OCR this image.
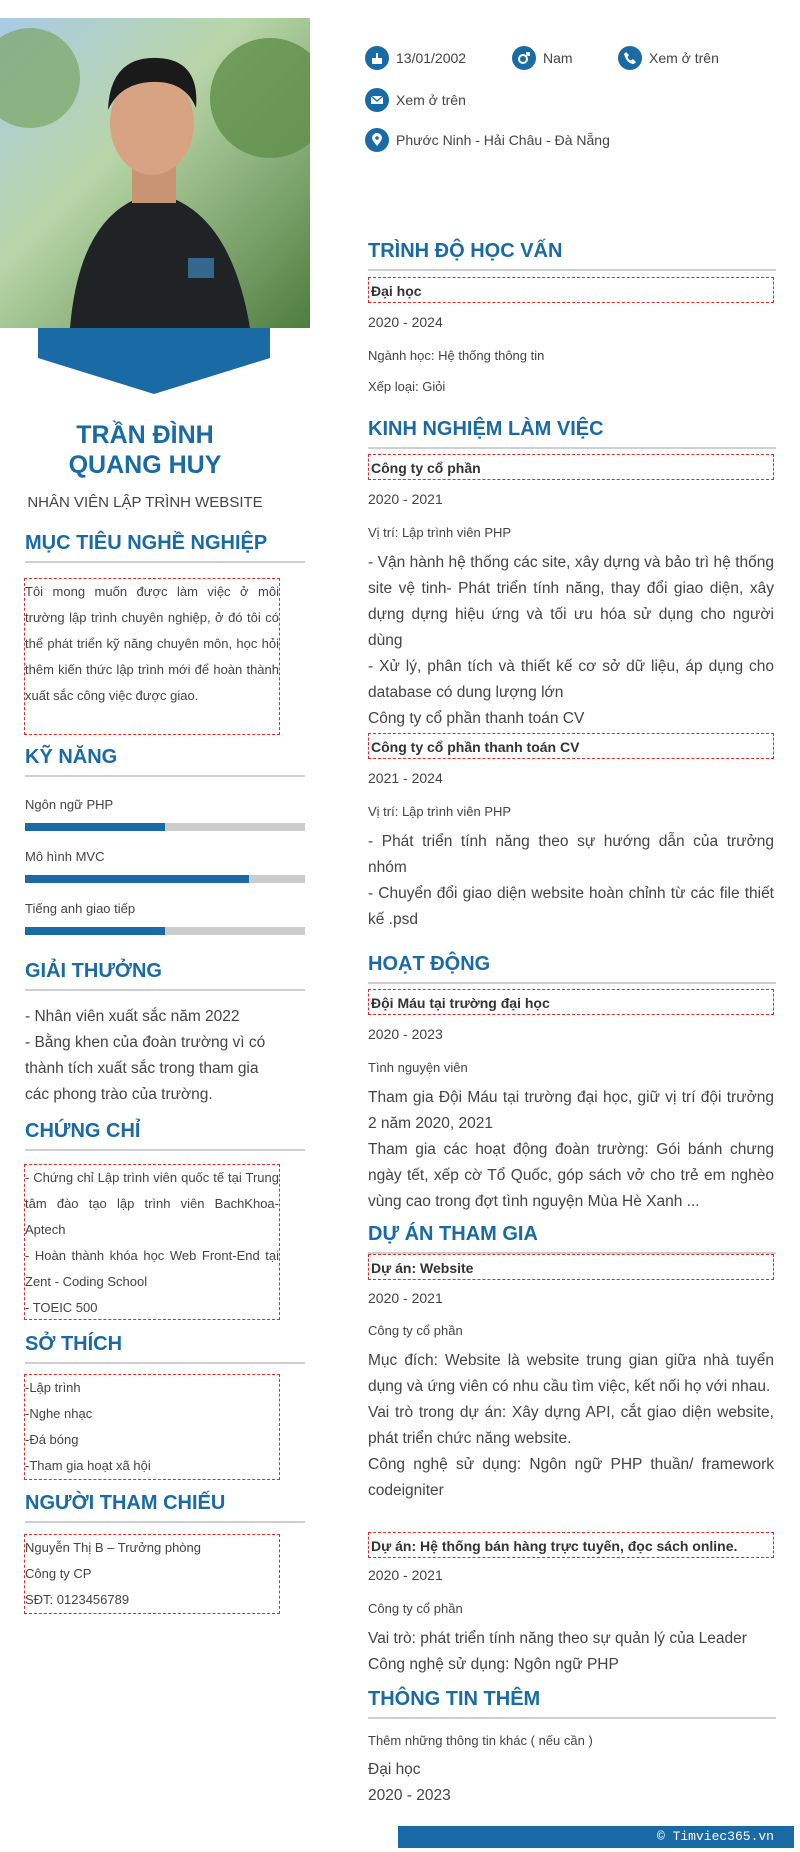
TRẦN ĐÌNH
QUANG HUY
NHÂN VIÊN LẬP TRÌNH WEBSITE
MỤC TIÊU NGHỀ NGHIỆP
Tôi mong muốn được làm việc ở môi trường lập trình chuyên nghiệp, ở đó tôi có thể phát triển kỹ năng chuyên môn, học hỏi thêm kiến thức lập trình mới để hoàn thành xuất sắc công việc được giao.
KỸ NĂNG
Ngôn ngữ PHP
Mô hình MVC
Tiếng anh giao tiếp
GIẢI THƯỞNG
- Nhân viên xuất sắc năm 2022
- Bằng khen của đoàn trường vì có thành tích xuất sắc trong tham gia các phong trào của trường.
CHỨNG CHỈ
- Chứng chỉ Lập trình viên quốc tế tại Trung tâm đào tạo lập trình viên BachKhoa- Aptech
- Hoàn thành khóa học Web Front-End tại Zent - Coding School
- TOEIC 500
SỞ THÍCH
-Lập trình
-Nghe nhạc
-Đá bóng
-Tham gia hoạt xã hội
NGƯỜI THAM CHIẾU
Nguyễn Thị B – Trưởng phòng
Công ty CP
SĐT: 0123456789
13/01/2002	Nam	Xem ở trên
Xem ở trên
Phước Ninh - Hải Châu - Đà Nẵng
TRÌNH ĐỘ HỌC VẤN
Đại học
2020 - 2024
Ngành học: Hệ thống thông tin
Xếp loại: Giỏi
KINH NGHIỆM LÀM VIỆC
Công ty cổ phần
2020 - 2021
Vị trí: Lập trình viên PHP
- Vận hành hệ thống các site, xây dựng và bảo trì hệ thống site vệ tinh- Phát triển tính năng, thay đổi giao diện, xây dựng dựng hiệu ứng và tối ưu hóa sử dụng cho người dùng
- Xử lý, phân tích và thiết kế cơ sở dữ liệu, áp dụng cho database có dung lượng lớn
Công ty cổ phần thanh toán CV
Công ty cổ phần thanh toán CV
2021 - 2024
Vị trí: Lập trình viên PHP
- Phát triển tính năng theo sự hướng dẫn của trưởng nhóm
- Chuyển đổi giao diện website hoàn chỉnh từ các file thiết kế .psd
HOẠT ĐỘNG
Đội Máu tại trường đại học
2020 - 2023
Tình nguyện viên
Tham gia Đội Máu tại trường đại học, giữ vị trí đội trưởng 2 năm 2020, 2021
Tham gia các hoạt động đoàn trường: Gói bánh chưng ngày tết, xếp cờ Tổ Quốc, góp sách vở cho trẻ em nghèo vùng cao trong đợt tình nguyện Mùa Hè Xanh ...
DỰ ÁN THAM GIA
Dự án: Website
2020 - 2021
Công ty cổ phần
Mục đích: Website là website trung gian giữa nhà tuyển dụng và ứng viên có nhu cầu tìm việc, kết nối họ với nhau.
Vai trò trong dự án: Xây dựng API, cắt giao diện website, phát triển chức năng website.
Công nghệ sử dụng: Ngôn ngữ PHP thuần/ framework codeigniter
Dự án: Hệ thống bán hàng trực tuyến, đọc sách online.
2020 - 2021
Công ty cổ phần
Vai trò: phát triển tính năng theo sự quản lý của Leader
Công nghệ sử dụng: Ngôn ngữ PHP
THÔNG TIN THÊM
Thêm những thông tin khác ( nếu cần )
Đại học
2020 - 2023
© Timviec365.vn
